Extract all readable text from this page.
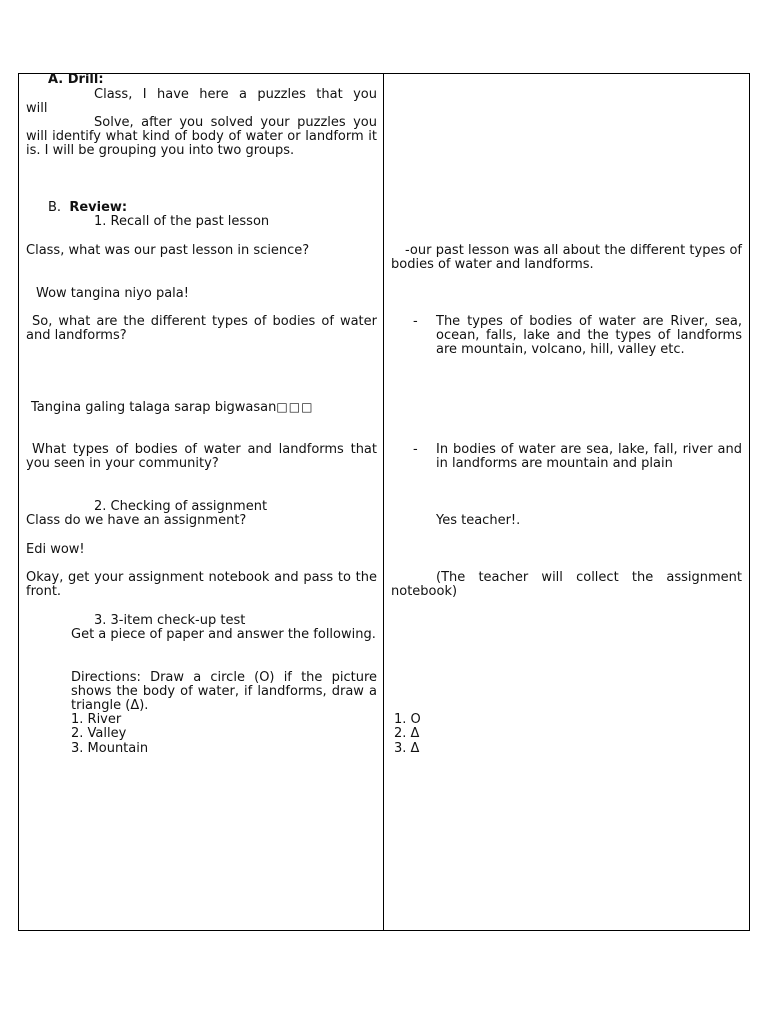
A. Drill:
Class, I have here a puzzles that you
will
Solve, after you solved your puzzles you will identify what kind of body of water or landform it is. I will be grouping you into two groups.
B. Review:
1. Recall of the past lesson
Class, what was our past lesson in science?
Wow tangina niyo pala!
So, what are the different types of bodies of water and landforms?
Tangina galing talaga sarap bigwasan□□□
What types of bodies of water and landforms that you seen in your community?
2. Checking of assignment
Class do we have an assignment?
Edi wow!
Okay, get your assignment notebook and pass to the front.
3. 3-item check-up test
Get a piece of paper and answer the following.
Directions: Draw a circle (O) if the picture shows the body of water, if landforms, draw a triangle (Δ).
1. River
2. Valley
3. Mountain
-our past lesson was all about the different types of bodies of water and landforms.
- The types of bodies of water are River, sea, ocean, falls, lake and the types of landforms are mountain, volcano, hill, valley etc.
- In bodies of water are sea, lake, fall, river and in landforms are mountain and plain
Yes teacher!.
(The teacher will collect the assignment notebook)
1. O
2. Δ
3. Δ
